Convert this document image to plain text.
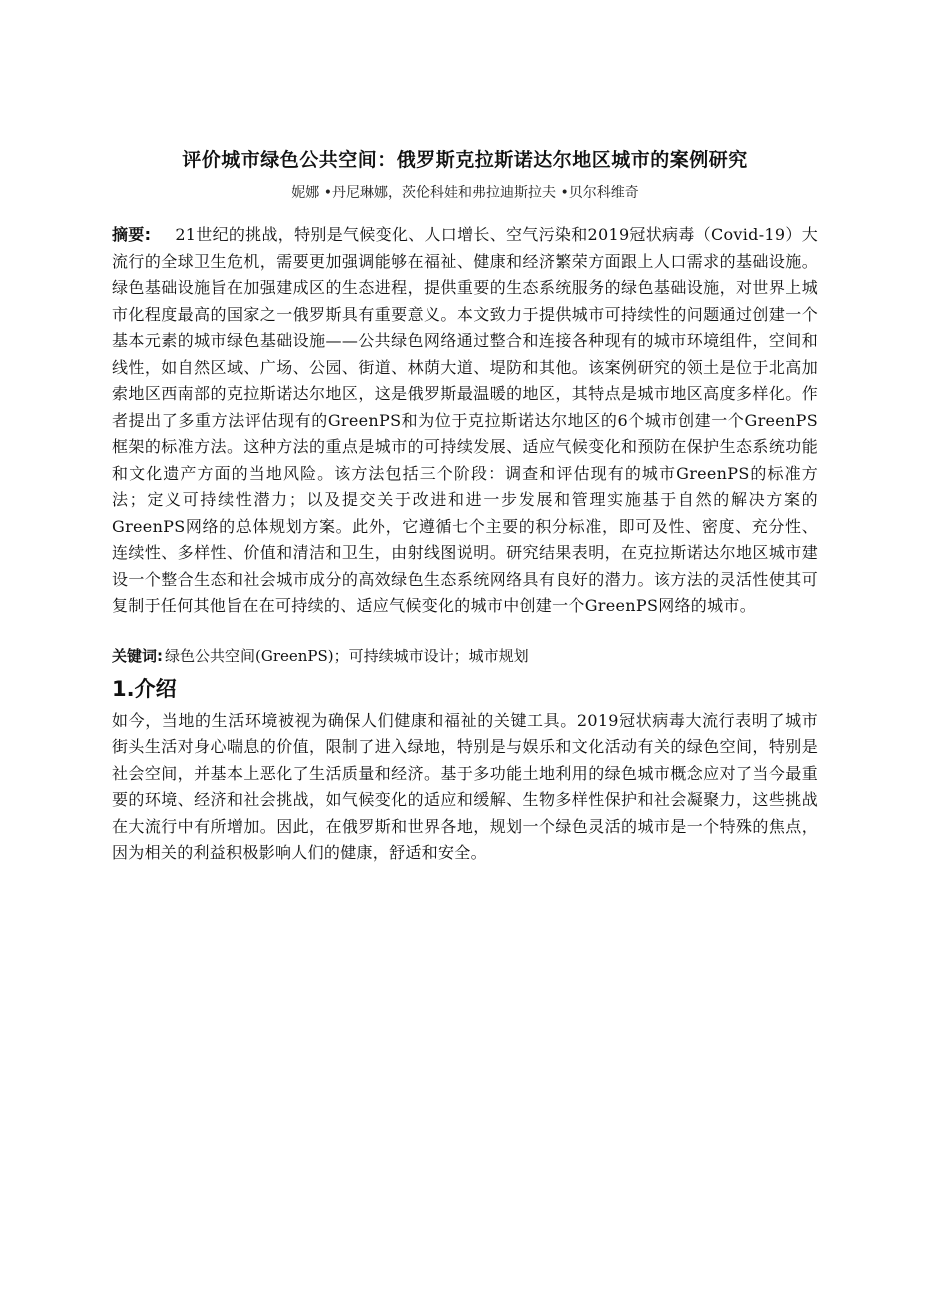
评价城市绿色公共空间：俄罗斯克拉斯诺达尔地区城市的案例研究
妮娜 •丹尼琳娜，茨伦科娃和弗拉迪斯拉夫 •贝尔科维奇
摘要: 21世纪的挑战，特别是气候变化、人口增长、空气污染和2019冠状病毒（Covid-19）大流行的全球卫生危机，需要更加强调能够在福祉、健康和经济繁荣方面跟上人口需求的基础设施。绿色基础设施旨在加强建成区的生态进程，提供重要的生态系统服务的绿色基础设施，对世界上城市化程度最高的国家之一俄罗斯具有重要意义。本文致力于提供城市可持续性的问题通过创建一个基本元素的城市绿色基础设施——公共绿色网络通过整合和连接各种现有的城市环境组件，空间和线性，如自然区域、广场、公园、街道、林荫大道、堤防和其他。该案例研究的领土是位于北高加索地区西南部的克拉斯诺达尔地区，这是俄罗斯最温暖的地区，其特点是城市地区高度多样化。作者提出了多重方法评估现有的GreenPS和为位于克拉斯诺达尔地区的6个城市创建一个GreenPS框架的标准方法。这种方法的重点是城市的可持续发展、适应气候变化和预防在保护生态系统功能和文化遗产方面的当地风险。该方法包括三个阶段：调查和评估现有的城市GreenPS的标准方法；定义可持续性潜力；以及提交关于改进和进一步发展和管理实施基于自然的解决方案的GreenPS网络的总体规划方案。此外，它遵循七个主要的积分标准，即可及性、密度、充分性、连续性、多样性、价值和清洁和卫生，由射线图说明。研究结果表明，在克拉斯诺达尔地区城市建设一个整合生态和社会城市成分的高效绿色生态系统网络具有良好的潜力。该方法的灵活性使其可复制于任何其他旨在在可持续的、适应气候变化的城市中创建一个GreenPS网络的城市。
关键词: 绿色公共空间(GreenPS)；可持续城市设计；城市规划
1.介绍
如今，当地的生活环境被视为确保人们健康和福祉的关键工具。2019冠状病毒大流行表明了城市街头生活对身心喘息的价值，限制了进入绿地，特别是与娱乐和文化活动有关的绿色空间，特别是社会空间，并基本上恶化了生活质量和经济。基于多功能土地利用的绿色城市概念应对了当今最重要的环境、经济和社会挑战，如气候变化的适应和缓解、生物多样性保护和社会凝聚力，这些挑战在大流行中有所增加。因此，在俄罗斯和世界各地，规划一个绿色灵活的城市是一个特殊的焦点，因为相关的利益积极影响人们的健康，舒适和安全。
